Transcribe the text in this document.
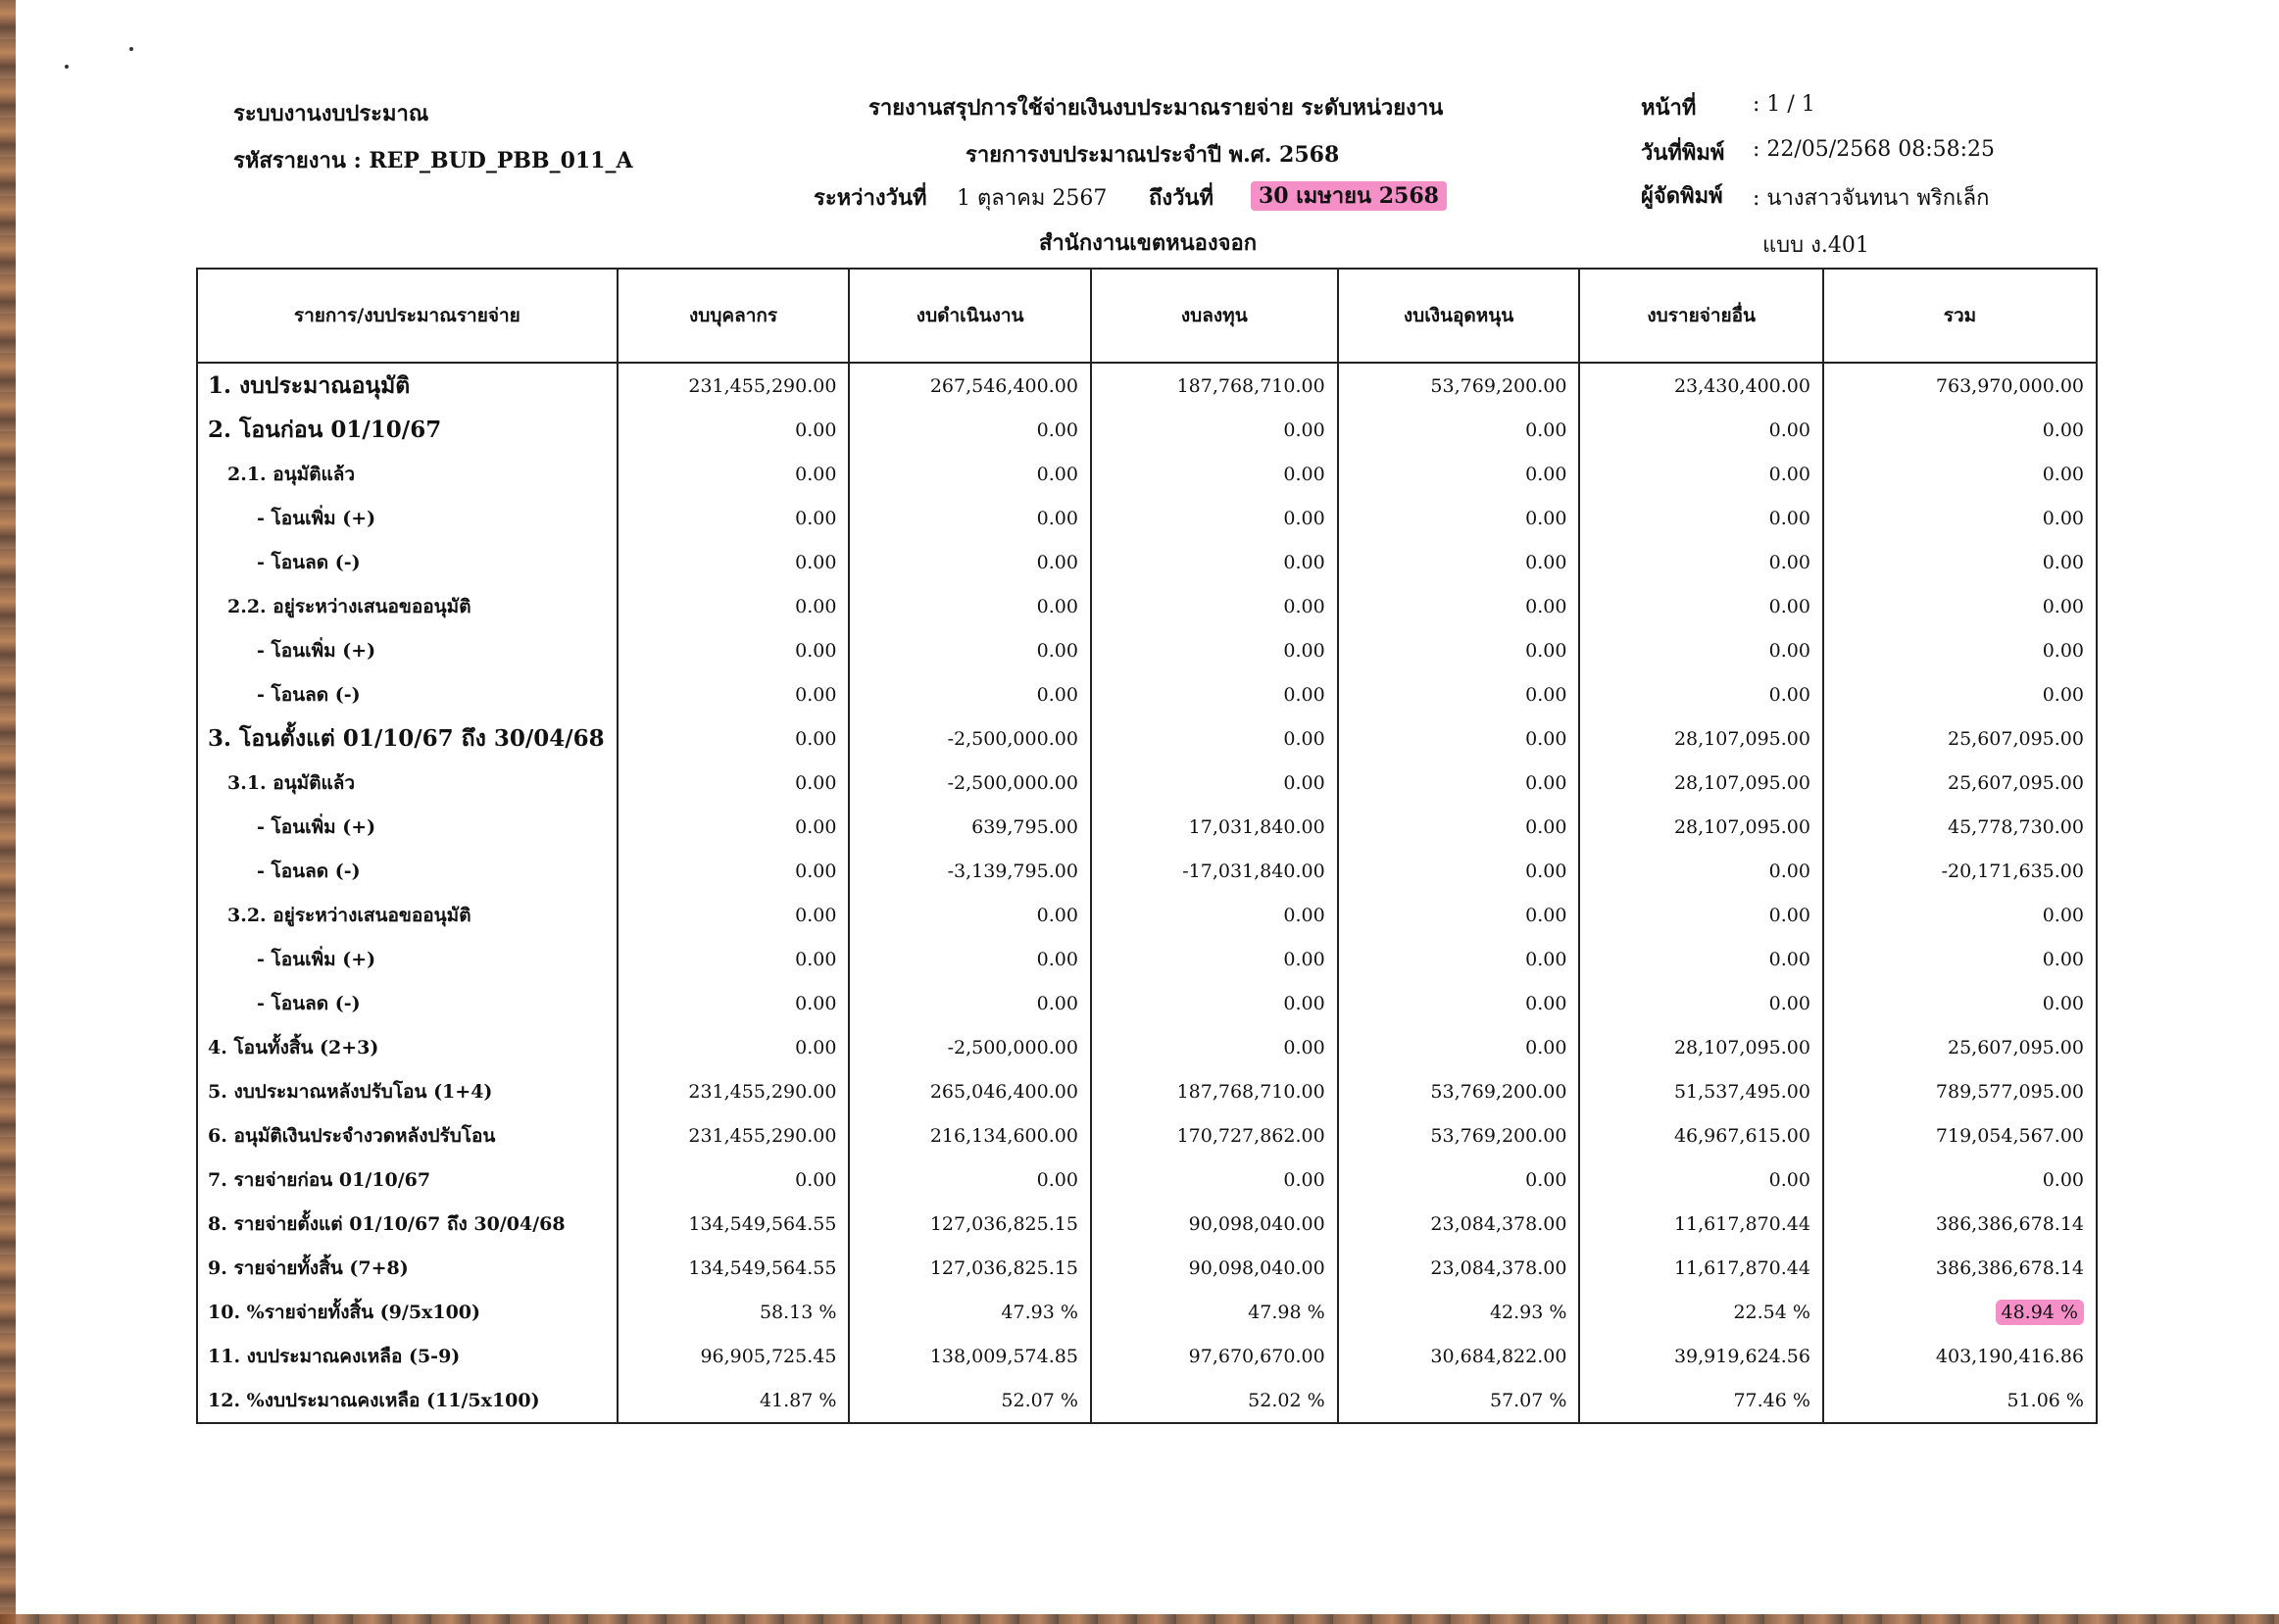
ระบบงานงบประมาณ
รหัสรายงาน : REP_BUD_PBB_011_A
รายงานสรุปการใช้จ่ายเงินงบประมาณรายจ่าย ระดับหน่วยงาน
รายการงบประมาณประจำปี พ.ศ. 2568
ระหว่างวันที่ 1 ตุลาคม 2567 ถึงวันที่	30 เมษายน 2568
สำนักงานเขตหนองจอก
หน้าที่	: 1 / 1
วันที่พิมพ์ : 22/05/2568 08:58:25
ผู้จัดพิมพ์ : นางสาวจันทนา พริกเล็ก
แบบ ง.401
รายการ/งบประมาณรายจ่าย	งบบุคลากร	งบดำเนินงาน	งบลงทุน	งบเงินอุดหนุน	งบรายจ่ายอื่น	รวม
1. งบประมาณอนุมัติ	231,455,290.00	267,546,400.00	187,768,710.00	53,769,200.00	23,430,400.00	763,970,000.00
2. โอนก่อน 01/10/67	0.00	0.00	0.00	0.00	0.00	0.00
2.1. อนุมัติแล้ว	0.00	0.00	0.00	0.00	0.00	0.00
- โอนเพิ่ม (+)	0.00	0.00	0.00	0.00	0.00	0.00
- โอนลด (-)	0.00	0.00	0.00	0.00	0.00	0.00
2.2. อยู่ระหว่างเสนอขออนุมัติ	0.00	0.00	0.00	0.00	0.00	0.00
- โอนเพิ่ม (+)	0.00	0.00	0.00	0.00	0.00	0.00
- โอนลด (-)	0.00	0.00	0.00	0.00	0.00	0.00
3. โอนตั้งแต่ 01/10/67 ถึง 30/04/68	0.00	-2,500,000.00	0.00	0.00	28,107,095.00	25,607,095.00
3.1. อนุมัติแล้ว	0.00	-2,500,000.00	0.00	0.00	28,107,095.00	25,607,095.00
- โอนเพิ่ม (+)	0.00	639,795.00	17,031,840.00	0.00	28,107,095.00	45,778,730.00
- โอนลด (-)	0.00	-3,139,795.00	-17,031,840.00	0.00	0.00	-20,171,635.00
3.2. อยู่ระหว่างเสนอขออนุมัติ	0.00	0.00	0.00	0.00	0.00	0.00
- โอนเพิ่ม (+)	0.00	0.00	0.00	0.00	0.00	0.00
- โอนลด (-)	0.00	0.00	0.00	0.00	0.00	0.00
4. โอนทั้งสิ้น (2+3)	0.00	-2,500,000.00	0.00	0.00	28,107,095.00	25,607,095.00
5. งบประมาณหลังปรับโอน (1+4)	231,455,290.00	265,046,400.00	187,768,710.00	53,769,200.00	51,537,495.00	789,577,095.00
6. อนุมัติเงินประจำงวดหลังปรับโอน	231,455,290.00	216,134,600.00	170,727,862.00	53,769,200.00	46,967,615.00	719,054,567.00
7. รายจ่ายก่อน 01/10/67	0.00	0.00	0.00	0.00	0.00	0.00
8. รายจ่ายตั้งแต่ 01/10/67 ถึง 30/04/68	134,549,564.55	127,036,825.15	90,098,040.00	23,084,378.00	11,617,870.44	386,386,678.14
9. รายจ่ายทั้งสิ้น (7+8)	134,549,564.55	127,036,825.15	90,098,040.00	23,084,378.00	11,617,870.44	386,386,678.14
10. %รายจ่ายทั้งสิ้น (9/5x100)	58.13 %	47.93 %	47.98 %	42.93 %	22.54 %	48.94 %
11. งบประมาณคงเหลือ (5-9)	96,905,725.45	138,009,574.85	97,670,670.00	30,684,822.00	39,919,624.56	403,190,416.86
12. %งบประมาณคงเหลือ (11/5x100)	41.87 %	52.07 %	52.02 %	57.07 %	77.46 %	51.06 %
